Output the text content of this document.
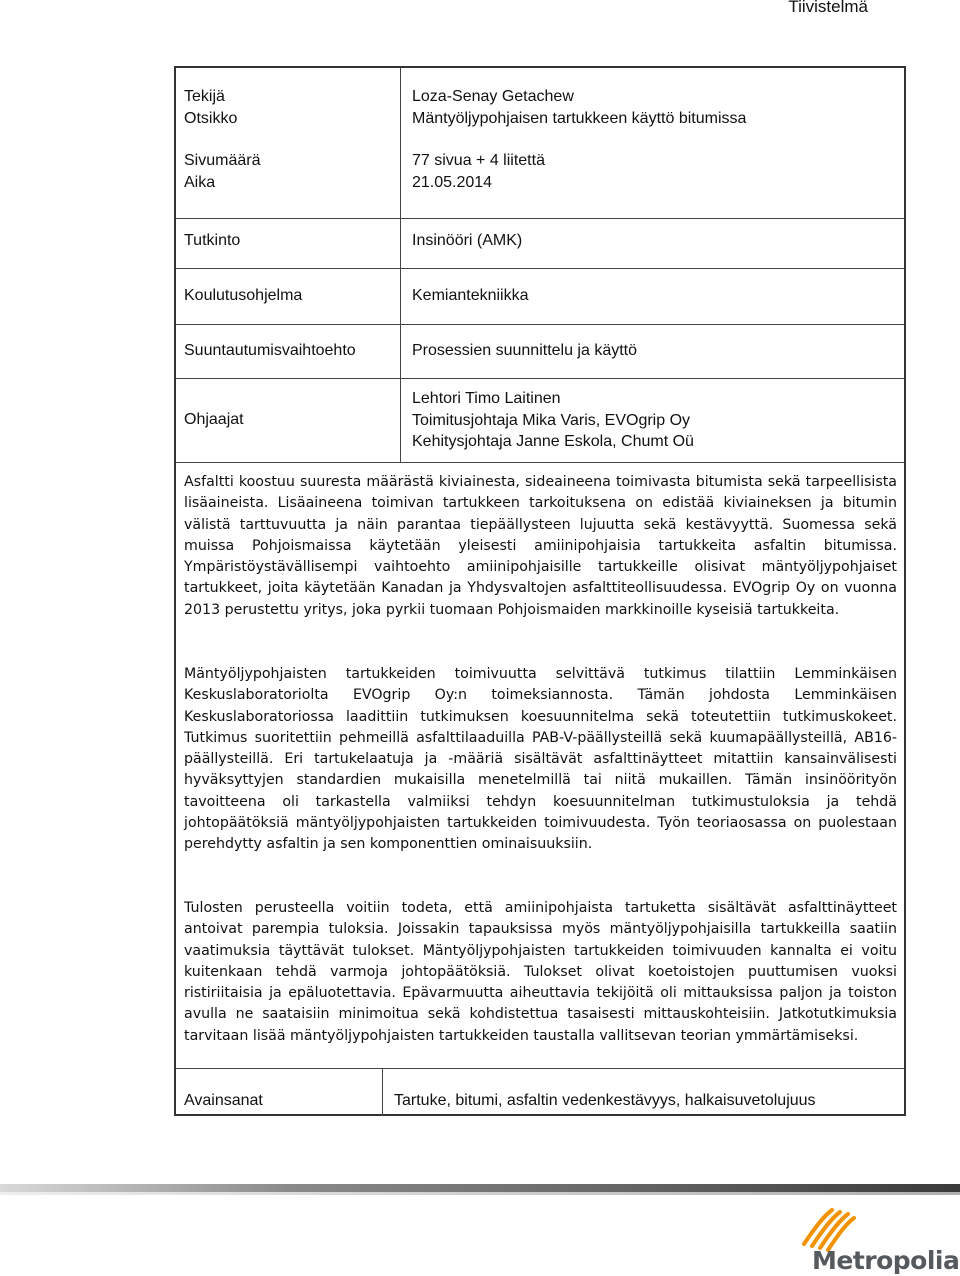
Tiivistelmä
Tekijä	Loza-Senay Getachew
Otsikko	Mäntyöljypohjaisen tartukkeen käyttö bitumissa
Sivumäärä	77 sivua + 4 liitettä
Aika	21.05.2014
Tutkinto	Insinööri (AMK)
Koulutusohjelma	Kemiantekniikka
Suuntautumisvaihtoehto	Prosessien suunnittelu ja käyttö
Ohjaajat
Lehtori Timo Laitinen
Toimitusjohtaja Mika Varis, EVOgrip Oy
Kehitysjohtaja Janne Eskola, Chumt Oü

Asfaltti koostuu suuresta määrästä kiviainesta, sideaineena toimivasta bitumista sekä tarpeellisista lisäaineista. Lisäaineena toimivan tartukkeen tarkoituksena on edistää kiviaineksen ja bitumin välistä tarttuvuutta ja näin parantaa tiepäällysteen lujuutta sekä kestävyyttä. Suomessa sekä muissa Pohjoismaissa käytetään yleisesti amiinipohjaisia tartukkeita asfaltin bitumissa. Ympäristöystävällisempi vaihtoehto amiinipohjaisille tartukkeille olisivat mäntyöljypohjaiset tartukkeet, joita käytetään Kanadan ja Yhdysvaltojen asfalttiteollisuudessa. EVOgrip Oy on vuonna 2013 perustettu yritys, joka pyrkii tuomaan Pohjoismaiden markkinoille kyseisiä tartukkeita.

Mäntyöljypohjaisten tartukkeiden toimivuutta selvittävä tutkimus tilattiin Lemminkäisen Keskuslaboratoriolta EVOgrip Oy:n toimeksiannosta. Tämän johdosta Lemminkäisen Keskuslaboratoriossa laadittiin tutkimuksen koesuunnitelma sekä toteutettiin tutkimuskokeet. Tutkimus suoritettiin pehmeillä asfalttilaaduilla PAB-V-päällysteillä sekä kuumapäällysteillä, AB16-päällysteillä. Eri tartukelaatuja ja -määriä sisältävät asfalttinäytteet mitattiin kansainvälisesti hyväksyttyjen standardien mukaisilla menetelmillä tai niitä mukaillen. Tämän insinöörityön tavoitteena oli tarkastella valmiiksi tehdyn koesuunnitelman tutkimustuloksia ja tehdä johtopäätöksiä mäntyöljypohjaisten tartukkeiden toimivuudesta. Työn teoriaosassa on puolestaan perehdytty asfaltin ja sen komponenttien ominaisuuksiin.

Tulosten perusteella voitiin todeta, että amiinipohjaista tartuketta sisältävät asfalttinäytteet antoivat parempia tuloksia. Joissakin tapauksissa myös mäntyöljypohjaisilla tartukkeilla saatiin vaatimuksia täyttävät tulokset. Mäntyöljypohjaisten tartukkeiden toimivuuden kannalta ei voitu kuitenkaan tehdä varmoja johtopäätöksiä. Tulokset olivat koetoistojen puuttumisen vuoksi ristiriitaisia ja epäluotettavia. Epävarmuutta aiheuttavia tekijöitä oli mittauksissa paljon ja toiston avulla ne saataisiin minimoitua sekä kohdistettua tasaisesti mittauskohteisiin. Jatkotutkimuksia tarvitaan lisää mäntyöljypohjaisten tartukkeiden taustalla vallitsevan teorian ymmärtämiseksi.

Avainsanat	Tartuke, bitumi, asfaltin vedenkestävyys, halkaisuvetolujuus
Metropolia
